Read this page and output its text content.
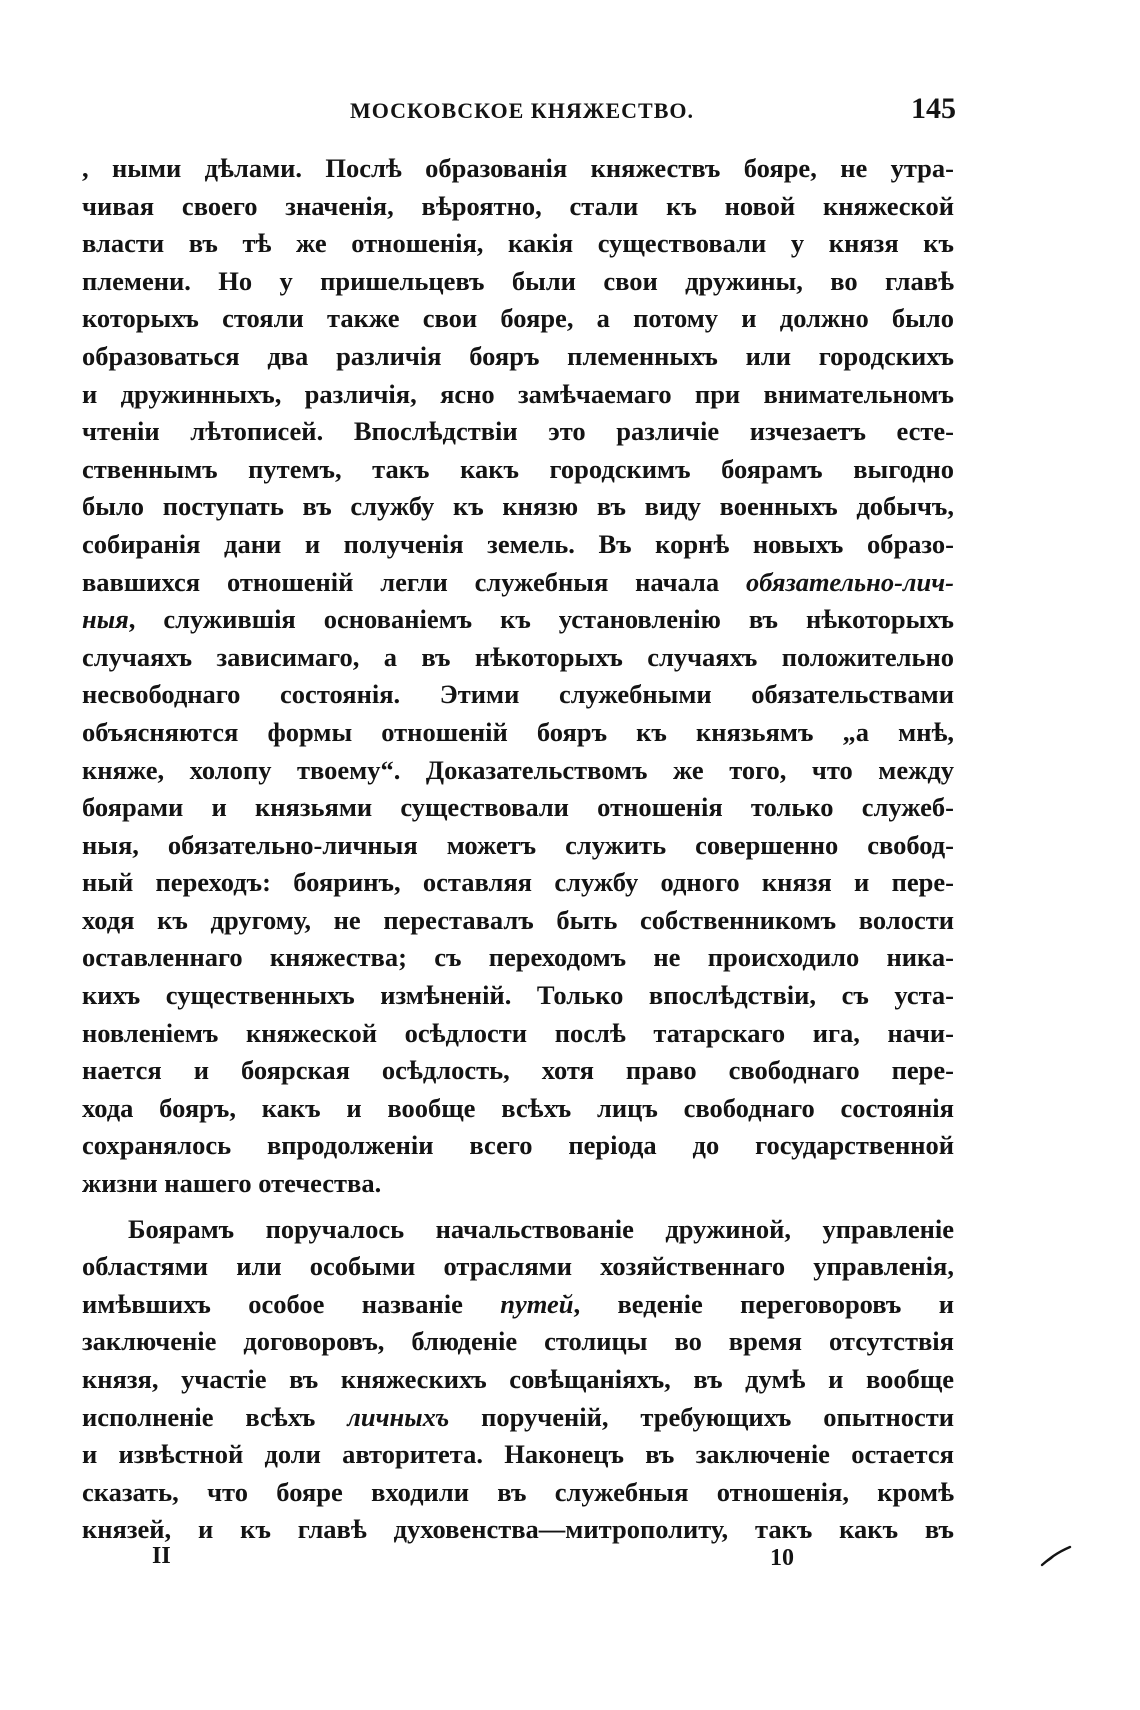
МОСКОВСКОЕ КНЯЖЕСТВО.	145
, ными дѣлами. Послѣ образованія княжествъ бояре, не утра-
чивая своего значенія, вѣроятно, стали къ новой княжеской
власти въ тѣ же отношенія, какія существовали у князя къ
племени. Но у пришельцевъ были свои дружины, во главѣ
которыхъ стояли также свои бояре, а потому и должно было
образоваться два различія бояръ племенныхъ или городскихъ
и дружинныхъ, различія, ясно замѣчаемаго при внимательномъ
чтеніи лѣтописей. Впослѣдствіи это различіе изчезаетъ есте-
ственнымъ путемъ, такъ какъ городскимъ боярамъ выгодно
было поступать въ службу къ князю въ виду военныхъ добычъ,
собиранія дани и полученія земель. Въ корнѣ новыхъ образо-
вавшихся отношеній легли служебныя начала обязательно-лич-
ныя, служившія основаніемъ къ установленію въ нѣкоторыхъ
случаяхъ зависимаго, а въ нѣкоторыхъ случаяхъ положительно
несвободнаго состоянія. Этими служебными обязательствами
объясняются формы отношеній бояръ къ князьямъ „а мнѣ,
княже, холопу твоему“. Доказательствомъ же того, что между
боярами и князьями существовали отношенія только служеб-
ныя, обязательно-личныя можетъ служить совершенно свобод-
ный переходъ: бояринъ, оставляя службу одного князя и пере-
ходя къ другому, не переставалъ быть собственникомъ волости
оставленнаго княжества; съ переходомъ не происходило ника-
кихъ существенныхъ измѣненій. Только впослѣдствіи, съ уста-
новленіемъ княжеской осѣдлости послѣ татарскаго ига, начи-
нается и боярская осѣдлость, хотя право свободнаго пере-
хода бояръ, какъ и вообще всѣхъ лицъ свободнаго состоянія
сохранялось впродолженіи всего періода до государственной
жизни нашего отечества.
Боярамъ поручалось начальствованіе дружиной, управленіе
областями или особыми отраслями хозяйственнаго управленія,
имѣвшихъ особое названіе путей, веденіе переговоровъ и
заключеніе договоровъ, блюденіе столицы во время отсутствія
князя, участіе въ княжескихъ совѣщаніяхъ, въ думѣ и вообще
исполненіе всѣхъ личныхъ порученій, требующихъ опытности
и извѣстной доли авторитета. Наконецъ въ заключеніе остается
сказать, что бояре входили въ служебныя отношенія, кромѣ
князей, и къ главѣ духовенства—митрополиту, такъ какъ въ
II	10
